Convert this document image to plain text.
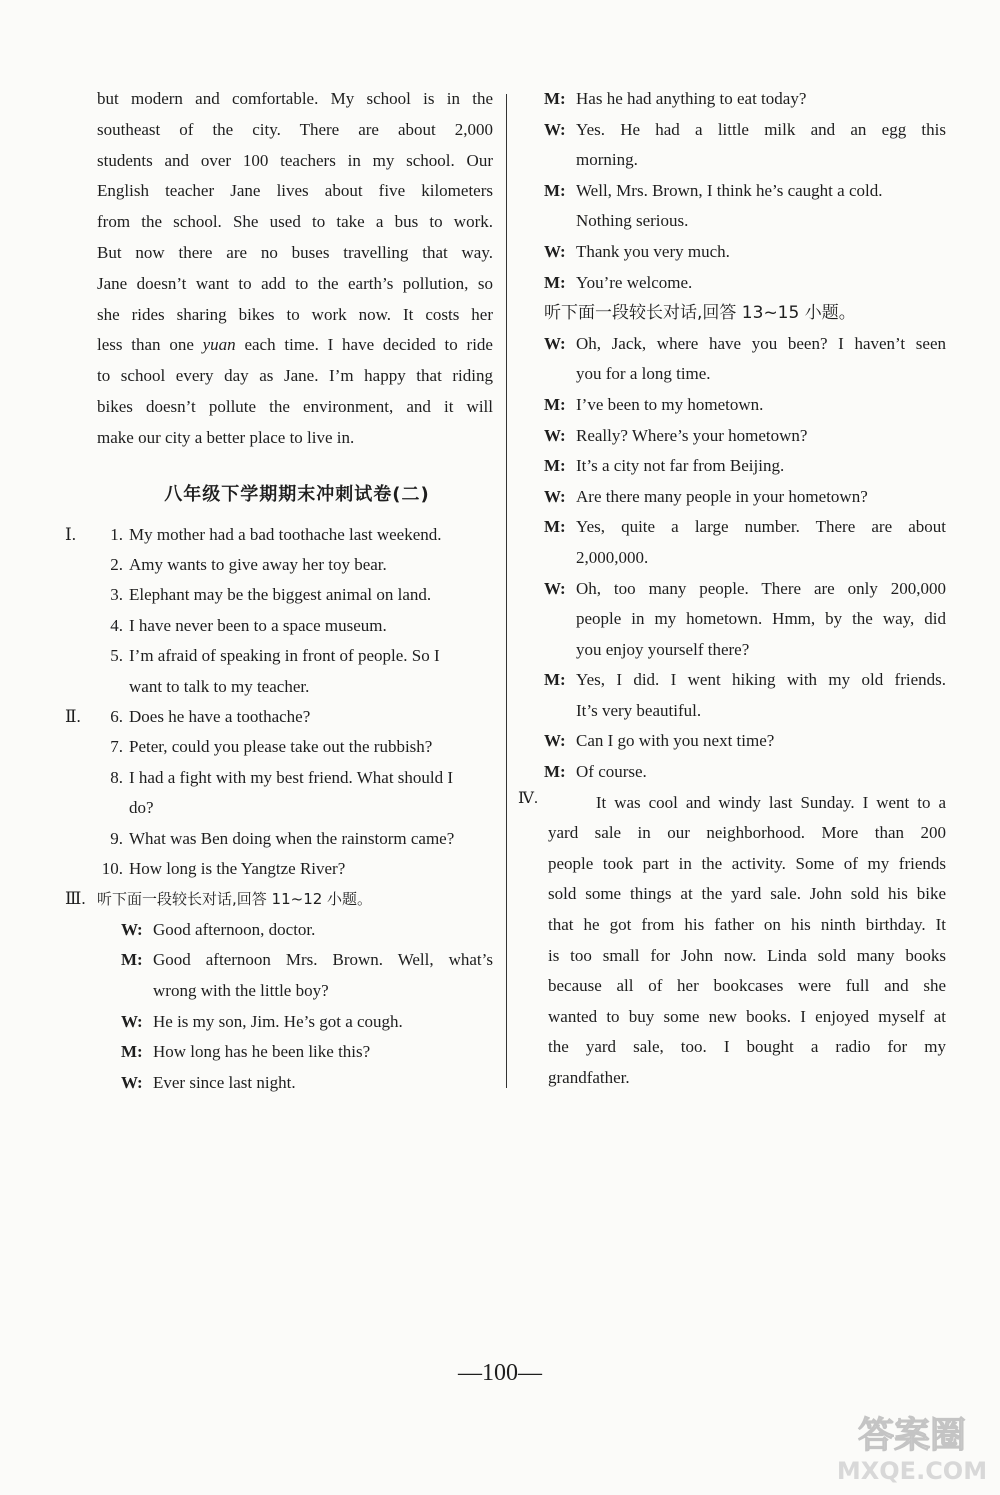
but modern and comfortable. My school is in the

southeast of the city. There are about 2,000

students and over 100 teachers in my school. Our

English teacher Jane lives about five kilometers

from the school. She used to take a bus to work.

But now there are no buses travelling that way.

Jane doesn’t want to add to the earth’s pollution, so

she rides sharing bikes to work now. It costs her

less than one yuan each time. I have decided to ride

to school every day as Jane. I’m happy that riding

bikes doesn’t pollute the environment, and it will

make our city a better place to live in.

八年级下学期期末冲刺试卷(二)
Ⅰ. 1. My mother had a bad toothache last weekend.
2. Amy wants to give away her toy bear.
3. Elephant may be the biggest animal on land.
4. I have never been to a space museum.
5. I’m afraid of speaking in front of people. So I
want to talk to my teacher.
Ⅱ. 6. Does he have a toothache?
7. Peter, could you please take out the rubbish?
8. I had a fight with my best friend. What should I
do?
9. What was Ben doing when the rainstorm came?
10. How long is the Yangtze River?
Ⅲ. 听下面一段较长对话,回答 11~12 小题。
W: Good afternoon, doctor.
M: Good afternoon Mrs. Brown. Well, what’s
wrong with the little boy?
W: He is my son, Jim. He’s got a cough.
M: How long has he been like this?
W: Ever since last night.
M: Has he had anything to eat today?
W: Yes. He had a little milk and an egg this
morning.
M: Well, Mrs. Brown, I think he’s caught a cold.
Nothing serious.
W: Thank you very much.
M: You’re welcome.
听下面一段较长对话,回答 13~15 小题。
W: Oh, Jack, where have you been? I haven’t seen
you for a long time.
M: I’ve been to my hometown.
W: Really? Where’s your hometown?
M: It’s a city not far from Beijing.
W: Are there many people in your hometown?
M: Yes, quite a large number. There are about
2,000,000.
W: Oh, too many people. There are only 200,000
people in my hometown. Hmm, by the way, did
you enjoy yourself there?
M: Yes, I did. I went hiking with my old friends.
It’s very beautiful.
W: Can I go with you next time?
M: Of course.
Ⅳ. It was cool and windy last Sunday. I went to a

yard sale in our neighborhood. More than 200

people took part in the activity. Some of my friends

sold some things at the yard sale. John sold his bike

that he got from his father on his ninth birthday. It

is too small for John now. Linda sold many books

because all of her bookcases were full and she

wanted to buy some new books. I enjoyed myself at

the yard sale, too. I bought a radio for my

grandfather.

—100—
答案圈
MXQE.COM
